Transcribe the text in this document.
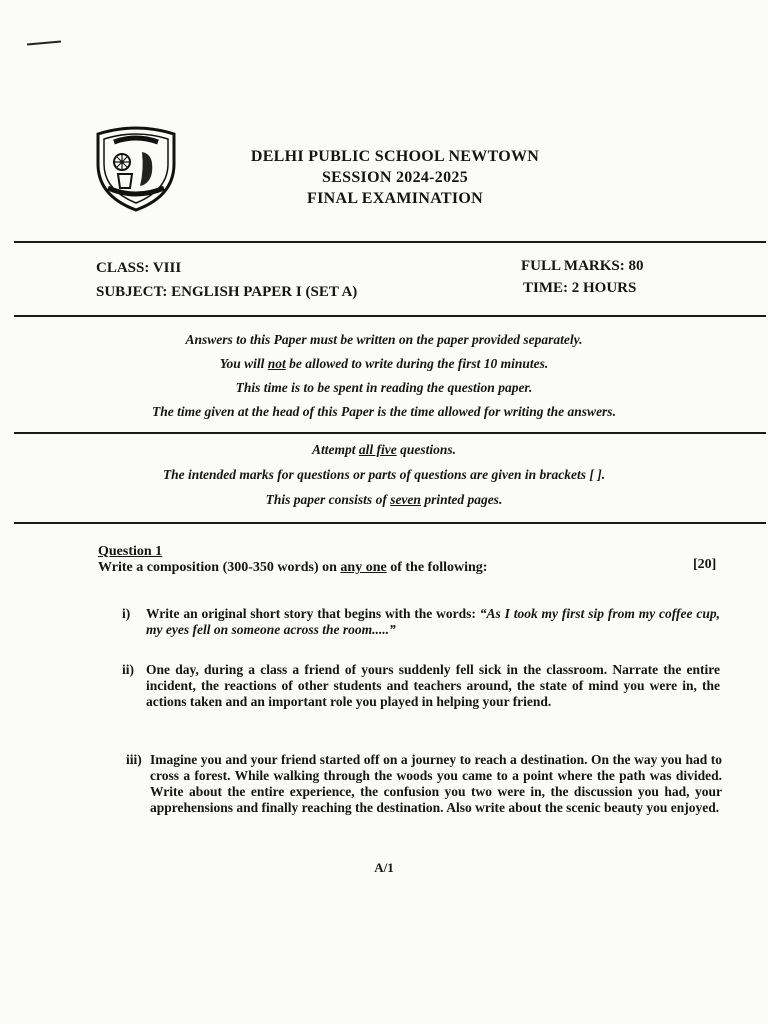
DELHI PUBLIC SCHOOL NEWTOWN
SESSION 2024-2025
FINAL EXAMINATION
CLASS: VIII
SUBJECT: ENGLISH PAPER I (SET A)
FULL MARKS: 80
TIME: 2 HOURS
Answers to this Paper must be written on the paper provided separately.
You will not be allowed to write during the first 10 minutes.
This time is to be spent in reading the question paper.
The time given at the head of this Paper is the time allowed for writing the answers.
Attempt all five questions.
The intended marks for questions or parts of questions are given in brackets [ ].
This paper consists of seven printed pages.
Question 1
Write a composition (300-350 words) on any one of the following:	[20]
i) Write an original short story that begins with the words: “As I took my first sip from my coffee cup, my eyes fell on someone across the room.....”
ii) One day, during a class a friend of yours suddenly fell sick in the classroom. Narrate the entire incident, the reactions of other students and teachers around, the state of mind you were in, the actions taken and an important role you played in helping your friend.
iii) Imagine you and your friend started off on a journey to reach a destination. On the way you had to cross a forest. While walking through the woods you came to a point where the path was divided. Write about the entire experience, the confusion you two were in, the discussion you had, your apprehensions and finally reaching the destination. Also write about the scenic beauty you enjoyed.
A/1
